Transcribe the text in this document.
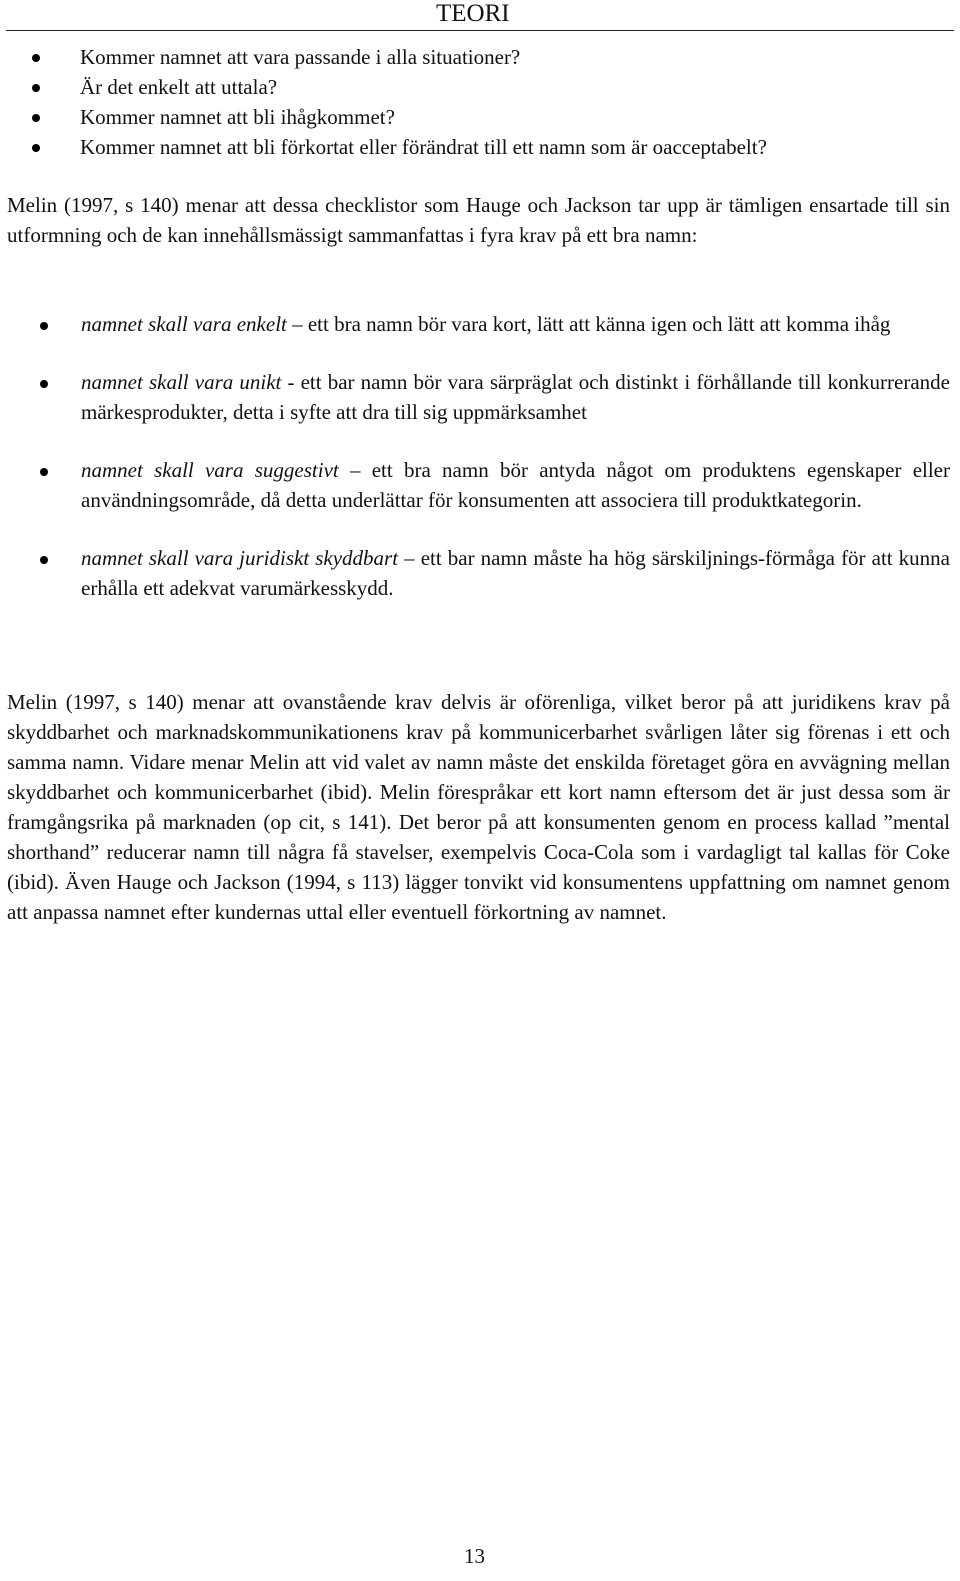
TEORI
Kommer namnet att vara passande i alla situationer?
Är det enkelt att uttala?
Kommer namnet att bli ihågkommet?
Kommer namnet att bli förkortat eller förändrat till ett namn som är oacceptabelt?

Melin (1997, s 140) menar att dessa checklistor som Hauge och Jackson tar upp är tämligen ensartade till sin utformning och de kan innehållsmässigt sammanfattas i fyra krav på ett bra namn:

namnet skall vara enkelt – ett bra namn bör vara kort, lätt att känna igen och lätt att komma ihåg
namnet skall vara unikt - ett bar namn bör vara särpräglat och distinkt i förhållande till konkurrerande märkesprodukter, detta i syfte att dra till sig uppmärksamhet
namnet skall vara suggestivt – ett bra namn bör antyda något om produktens egenskaper eller användningsområde, då detta underlättar för konsumenten att associera till produktkategorin.
namnet skall vara juridiskt skyddbart – ett bar namn måste ha hög särskiljnings-förmåga för att kunna erhålla ett adekvat varumärkesskydd.

Melin (1997, s 140) menar att ovanstående krav delvis är oförenliga, vilket beror på att juridikens krav på skyddbarhet och marknadskommunikationens krav på kommunicerbarhet svårligen låter sig förenas i ett och samma namn. Vidare menar Melin att vid valet av namn måste det enskilda företaget göra en avvägning mellan skyddbarhet och kommunicerbarhet (ibid). Melin förespråkar ett kort namn eftersom det är just dessa som är framgångsrika på marknaden (op cit, s 141). Det beror på att konsumenten genom en process kallad ”mental shorthand” reducerar namn till några få stavelser, exempelvis Coca-Cola som i vardagligt tal kallas för Coke (ibid). Även Hauge och Jackson (1994, s 113) lägger tonvikt vid konsumentens uppfattning om namnet genom att anpassa namnet efter kundernas uttal eller eventuell förkortning av namnet.

13
